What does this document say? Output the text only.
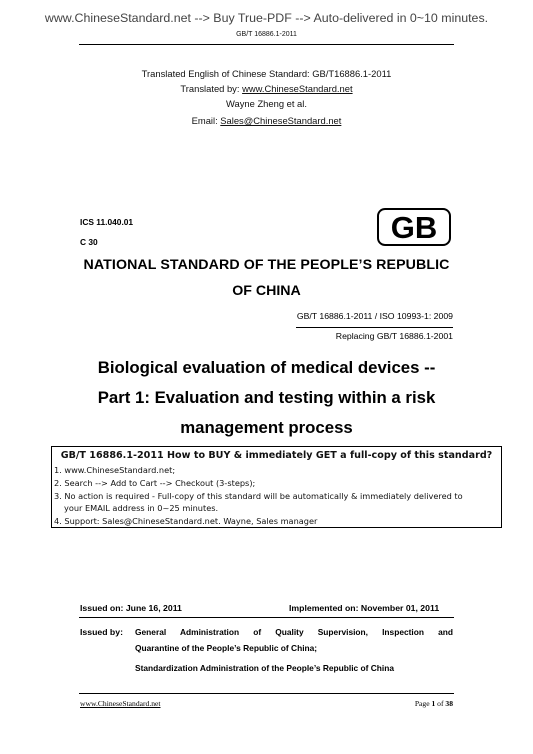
www.ChineseStandard.net --> Buy True-PDF --> Auto-delivered in 0~10 minutes.
GB/T 16886.1-2011
Translated English of Chinese Standard: GB/T16886.1-2011
Translated by: www.ChineseStandard.net
Wayne Zheng et al.
Email: Sales@ChineseStandard.net
ICS 11.040.01
C 30	GB
NATIONAL STANDARD OF THE PEOPLE’S REPUBLIC
OF CHINA
GB/T 16886.1-2011 / ISO 10993-1: 2009
Replacing GB/T 16886.1-2001
Biological evaluation of medical devices --
Part 1: Evaluation and testing within a risk
management process
GB/T 16886.1-2011 How to BUY & immediately GET a full-copy of this standard?
1. www.ChineseStandard.net;
2. Search --> Add to Cart --> Checkout (3-steps);
3. No action is required - Full-copy of this standard will be automatically & immediately delivered to
your EMAIL address in 0~25 minutes.
4. Support: Sales@ChineseStandard.net. Wayne, Sales manager
Issued on: June 16, 2011	Implemented on: November 01, 2011
Issued by: General Administration of Quality Supervision, Inspection and
Quarantine of the People’s Republic of China;
Standardization Administration of the People’s Republic of China
www.ChineseStandard.net	Page 1 of 38
